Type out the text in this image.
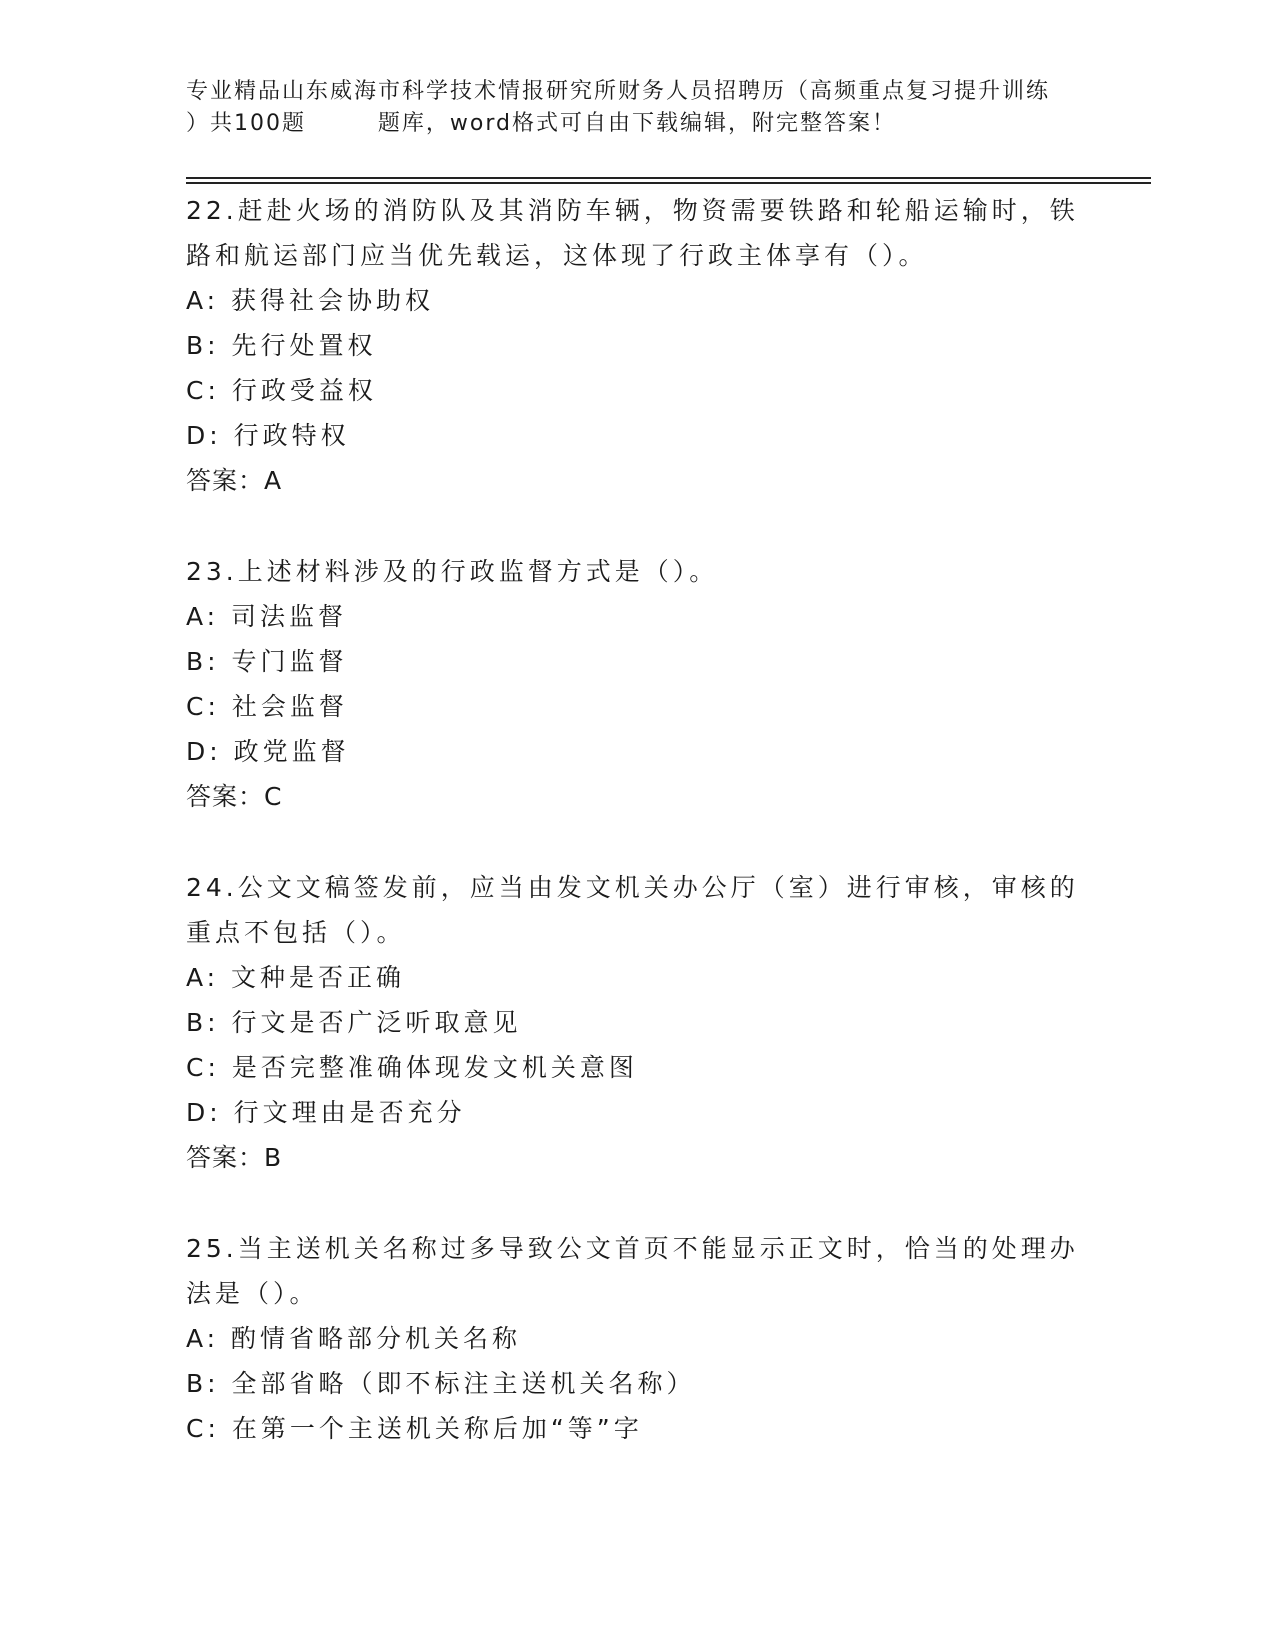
专业精品山东威海市科学技术情报研究所财务人员招聘历（高频重点复习提升训练
）共100题        题库，word格式可自由下载编辑，附完整答案！

22.赶赴火场的消防队及其消防车辆，物资需要铁路和轮船运输时，铁路和航运部门应当优先载运，这体现了行政主体享有（）。

A: 获得社会协助权

B: 先行处置权

C: 行政受益权

D: 行政特权

答案：A

23.上述材料涉及的行政监督方式是（）。

A: 司法监督

B: 专门监督

C: 社会监督

D: 政党监督

答案：C

24.公文文稿签发前，应当由发文机关办公厅（室）进行审核，审核的重点不包括（）。

A: 文种是否正确

B: 行文是否广泛听取意见

C: 是否完整准确体现发文机关意图

D: 行文理由是否充分

答案：B

25.当主送机关名称过多导致公文首页不能显示正文时，恰当的处理办法是（）。

A: 酌情省略部分机关名称

B: 全部省略（即不标注主送机关名称）

C: 在第一个主送机关称后加“等”字
